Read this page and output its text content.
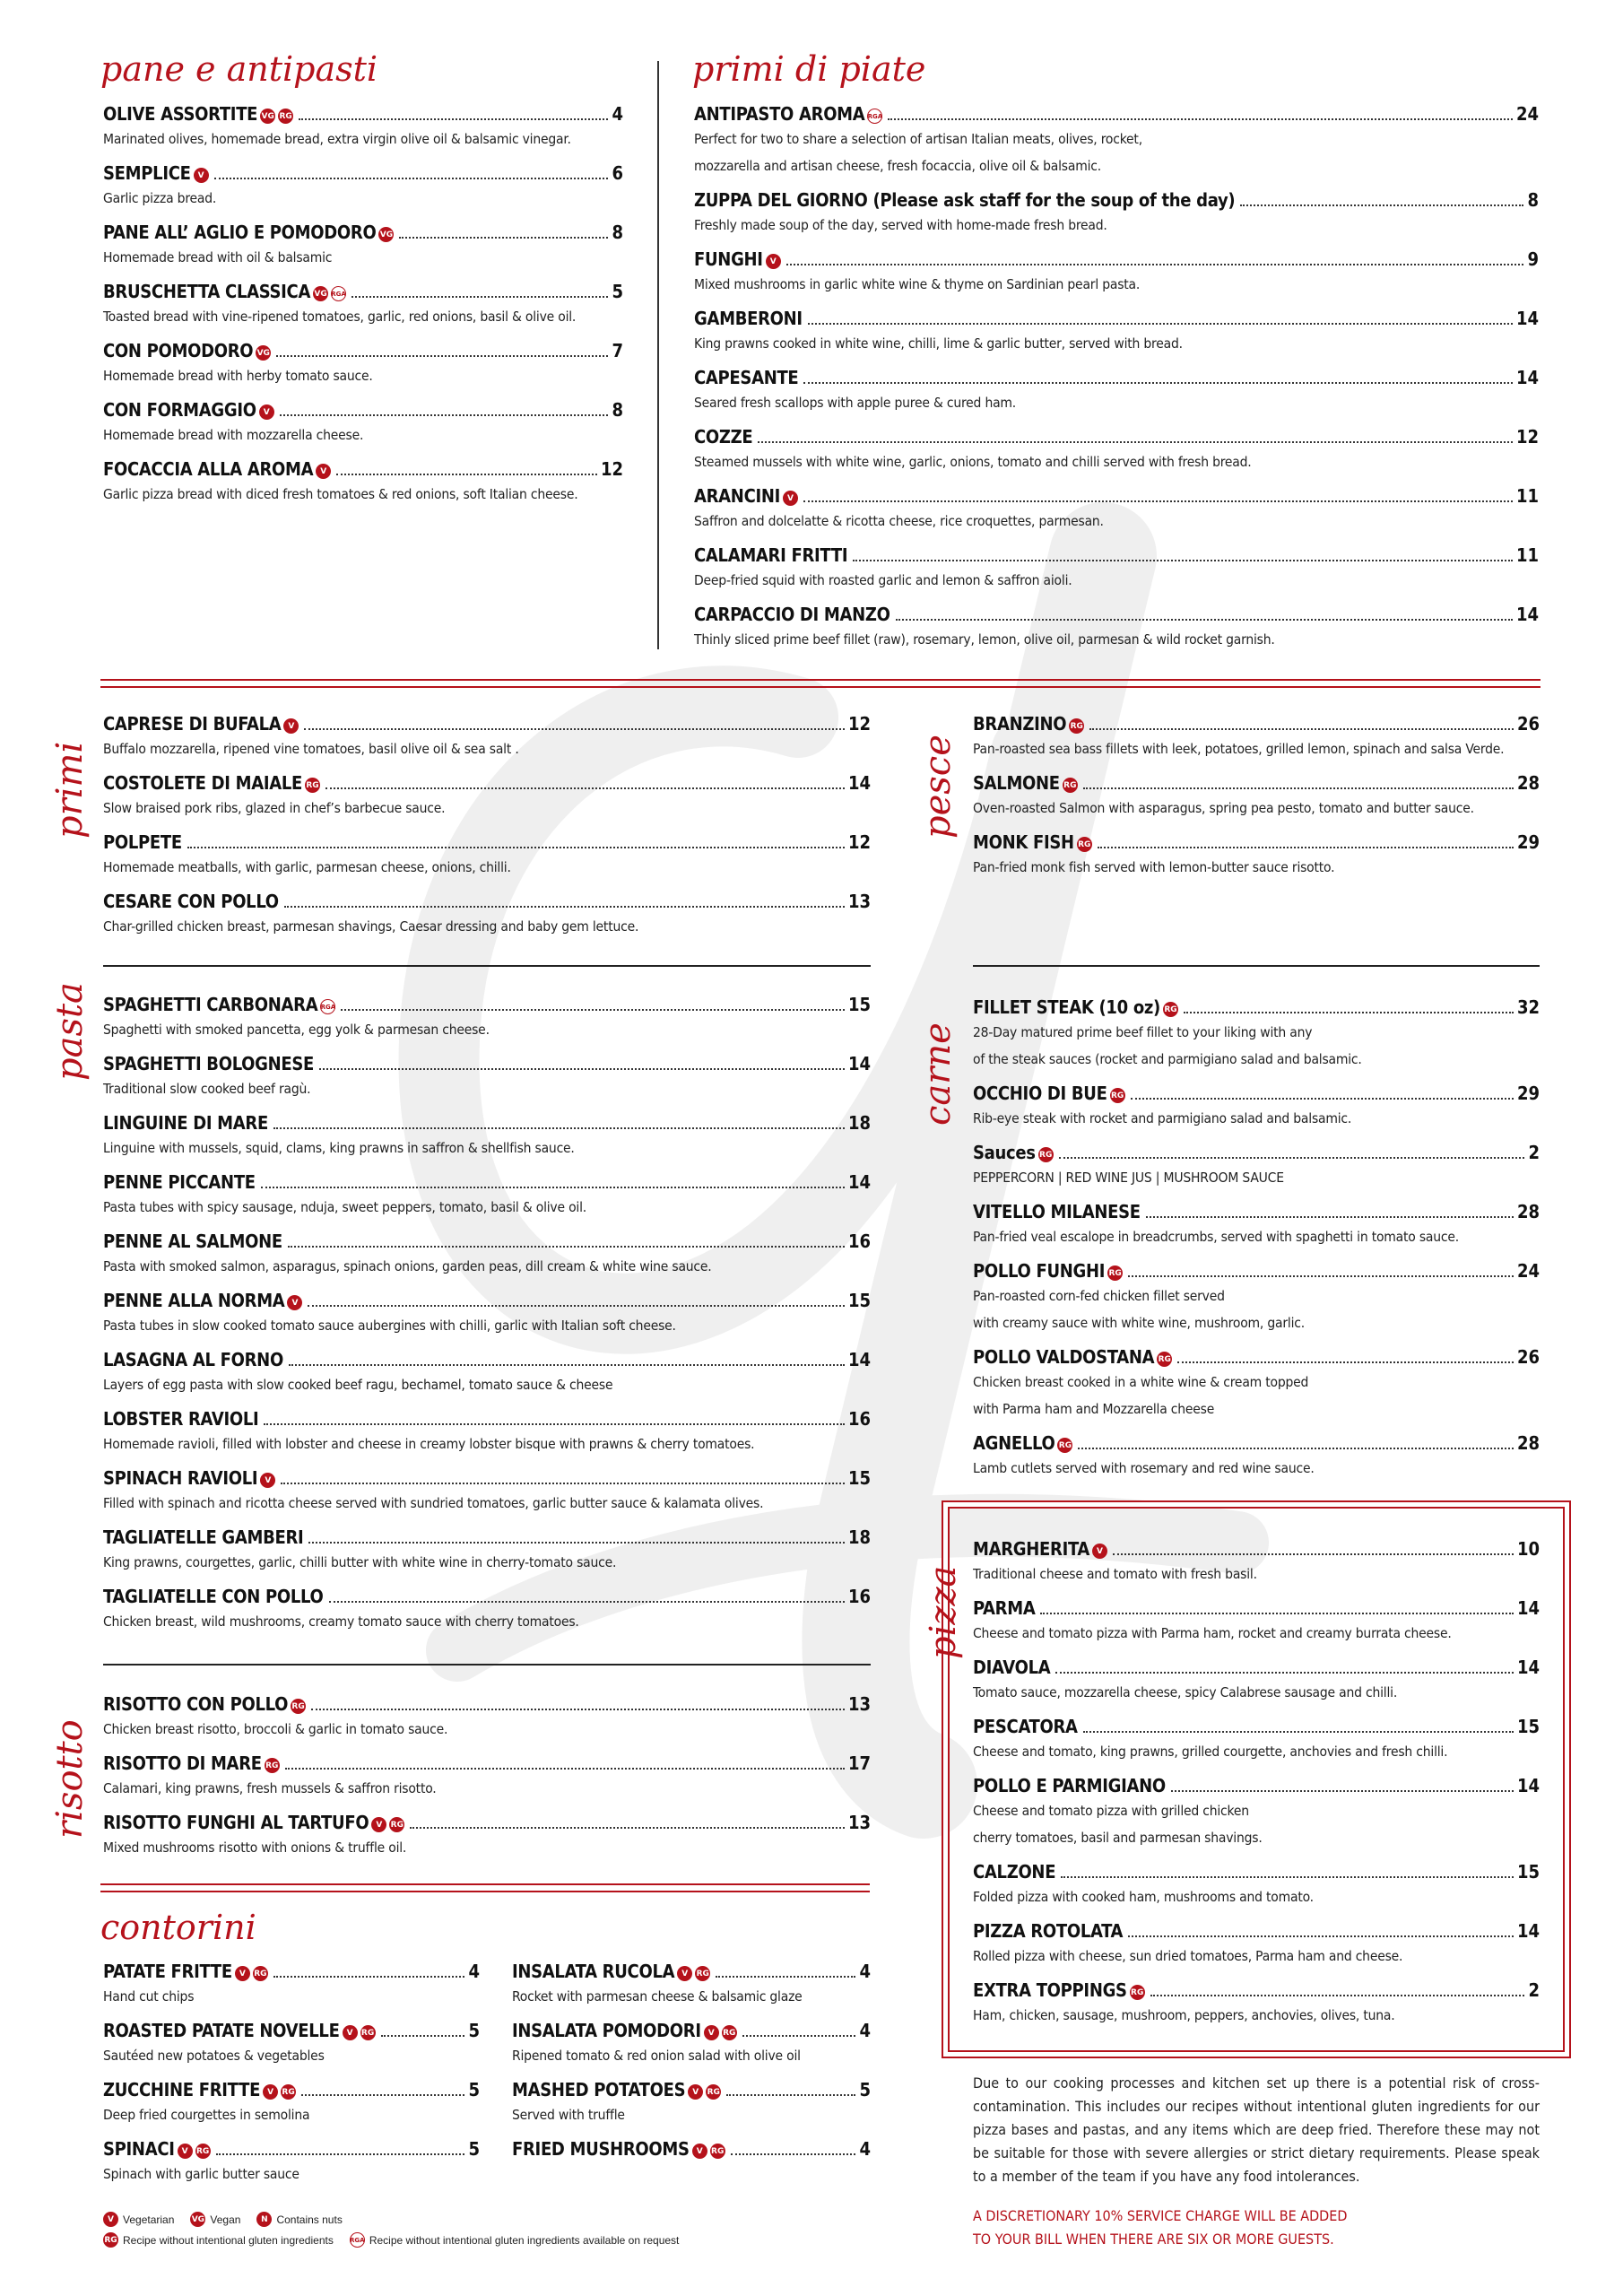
pane e antipasti
OLIVE ASSORTITE VG RG	4
Marinated olives, homemade bread, extra virgin olive oil & balsamic vinegar.
SEMPLICE V	6
Garlic pizza bread.
PANE ALL’ AGLIO E POMODORO VG	8
Homemade bread with oil & balsamic
BRUSCHETTA CLASSICA VG RGA	5
Toasted bread with vine-ripened tomatoes, garlic, red onions, basil & olive oil.
CON POMODORO VG	7
Homemade bread with herby tomato sauce.
CON FORMAGGIO V	8
Homemade bread with mozzarella cheese.
FOCACCIA ALLA AROMA V	12
Garlic pizza bread with diced fresh tomatoes & red onions, soft Italian cheese.
primi di piate
ANTIPASTO AROMA RGA	24
Perfect for two to share a selection of artisan Italian meats, olives, rocket,
mozzarella and artisan cheese, fresh focaccia, olive oil & balsamic.
ZUPPA DEL GIORNO (Please ask staff for the soup of the day)	8
Freshly made soup of the day, served with home-made fresh bread.
FUNGHI V	9
Mixed mushrooms in garlic white wine & thyme on Sardinian pearl pasta.
GAMBERONI	14
King prawns cooked in white wine, chilli, lime & garlic butter, served with bread.
CAPESANTE	14
Seared fresh scallops with apple puree & cured ham.
COZZE	12
Steamed mussels with white wine, garlic, onions, tomato and chilli served with fresh bread.
ARANCINI V	11
Saffron and dolcelatte & ricotta cheese, rice croquettes, parmesan.
CALAMARI FRITTI	11
Deep-fried squid with roasted garlic and lemon & saffron aioli.
CARPACCIO DI MANZO	14
Thinly sliced prime beef fillet (raw), rosemary, lemon, olive oil, parmesan & wild rocket garnish.
primi
CAPRESE DI BUFALA V	12
Buffalo mozzarella, ripened vine tomatoes, basil olive oil & sea salt .
COSTOLETE DI MAIALE RG	14
Slow braised pork ribs, glazed in chef’s barbecue sauce.
POLPETE	12
Homemade meatballs, with garlic, parmesan cheese, onions, chilli.
CESARE CON POLLO	13
Char-grilled chicken breast, parmesan shavings, Caesar dressing and baby gem lettuce.
pasta SPAGHETTI CARBONARA RGA	15
Spaghetti with smoked pancetta, egg yolk & parmesan cheese.
SPAGHETTI BOLOGNESE	14
Traditional slow cooked beef ragù.
LINGUINE DI MARE	18
Linguine with mussels, squid, clams, king prawns in saffron & shellfish sauce.
PENNE PICCANTE	14
Pasta tubes with spicy sausage, nduja, sweet peppers, tomato, basil & olive oil.
PENNE AL SALMONE	16
Pasta with smoked salmon, asparagus, spinach onions, garden peas, dill cream & white wine sauce.
PENNE ALLA NORMA V	15
Pasta tubes in slow cooked tomato sauce aubergines with chilli, garlic with Italian soft cheese.
LASAGNA AL FORNO	14
Layers of egg pasta with slow cooked beef ragu, bechamel, tomato sauce & cheese
LOBSTER RAVIOLI	16
Homemade ravioli, filled with lobster and cheese in creamy lobster bisque with prawns & cherry tomatoes.
SPINACH RAVIOLI V	15
Filled with spinach and ricotta cheese served with sundried tomatoes, garlic butter sauce & kalamata olives.
TAGLIATELLE GAMBERI	18
King prawns, courgettes, garlic, chilli butter with white wine in cherry-tomato sauce.
TAGLIATELLE CON POLLO	16
Chicken breast, wild mushrooms, creamy tomato sauce with cherry tomatoes.
risotto
RISOTTO CON POLLO RG	13
Chicken breast risotto, broccoli & garlic in tomato sauce.
RISOTTO DI MARE RG	17
Calamari, king prawns, fresh mussels & saffron risotto.
RISOTTO FUNGHI AL TARTUFO V	RG	13
Mixed mushrooms risotto with onions & truffle oil.
contorini
PATATE FRITTE V	RG	4
Hand cut chips
ROASTED PATATE NOVELLE V	RG	5
Sautéed new potatoes & vegetables
ZUCCHINE FRITTE V	RG	5
Deep fried courgettes in semolina
SPINACI V	RG	5
Spinach with garlic butter sauce
INSALATA RUCOLA V	RG	4
Rocket with parmesan cheese & balsamic glaze
INSALATA POMODORI V	RG	4
Ripened tomato & red onion salad with olive oil
MASHED POTATOES V	RG	5
Served with truffle
FRIED MUSHROOMS V	RG	4
V Vegetarian VG Vegan	N Contains nuts
RG Recipe without intentional gluten ingredients	RGA Recipe without intentional gluten ingredients available on request
pesce
BRANZINO RG	26
Pan-roasted sea bass fillets with leek, potatoes, grilled lemon, spinach and salsa Verde.
SALMONE RG	28
Oven-roasted Salmon with asparagus, spring pea pesto, tomato and butter sauce.
MONK FISH RG	29
Pan-fried monk fish served with lemon-butter sauce risotto.
carne
FILLET STEAK (10 oz) RG	32
28-Day matured prime beef fillet to your liking with any
of the steak sauces (rocket and parmigiano salad and balsamic.
OCCHIO DI BUE RG	29
Rib-eye steak with rocket and parmigiano salad and balsamic.
Sauces RG	2
PEPPERCORN | RED WINE JUS | MUSHROOM SAUCE
VITELLO MILANESE	28
Pan-fried veal escalope in breadcrumbs, served with spaghetti in tomato sauce.
POLLO FUNGHI RG	24
Pan-roasted corn-fed chicken fillet served
with creamy sauce with white wine, mushroom, garlic.
POLLO VALDOSTANA RG	26
Chicken breast cooked in a white wine & cream topped
with Parma ham and Mozzarella cheese
AGNELLO RG	28
Lamb cutlets served with rosemary and red wine sauce.
pizza
MARGHERITA V	10
Traditional cheese and tomato with fresh basil.
PARMA	14
Cheese and tomato pizza with Parma ham, rocket and creamy burrata cheese.
DIAVOLA	14
Tomato sauce, mozzarella cheese, spicy Calabrese sausage and chilli.
PESCATORA	15
Cheese and tomato, king prawns, grilled courgette, anchovies and fresh chilli.
POLLO E PARMIGIANO	14
Cheese and tomato pizza with grilled chicken
cherry tomatoes, basil and parmesan shavings.
CALZONE	15
Folded pizza with cooked ham, mushrooms and tomato.
PIZZA ROTOLATA	14
Rolled pizza with cheese, sun dried tomatoes, Parma ham and cheese.
EXTRA TOPPINGS RG	2
Ham, chicken, sausage, mushroom, peppers, anchovies, olives, tuna.
Due to our cooking processes and kitchen set up there is a potential risk of cross-contamination. This includes our recipes without intentional gluten ingredients for our pizza bases and pastas, and any items which are deep fried. Therefore these may not be suitable for those with severe allergies or strict dietary requirements. Please speak to a member of the team if you have any food intolerances.
A DISCRETIONARY 10% SERVICE CHARGE WILL BE ADDED
TO YOUR BILL WHEN THERE ARE SIX OR MORE GUESTS.
